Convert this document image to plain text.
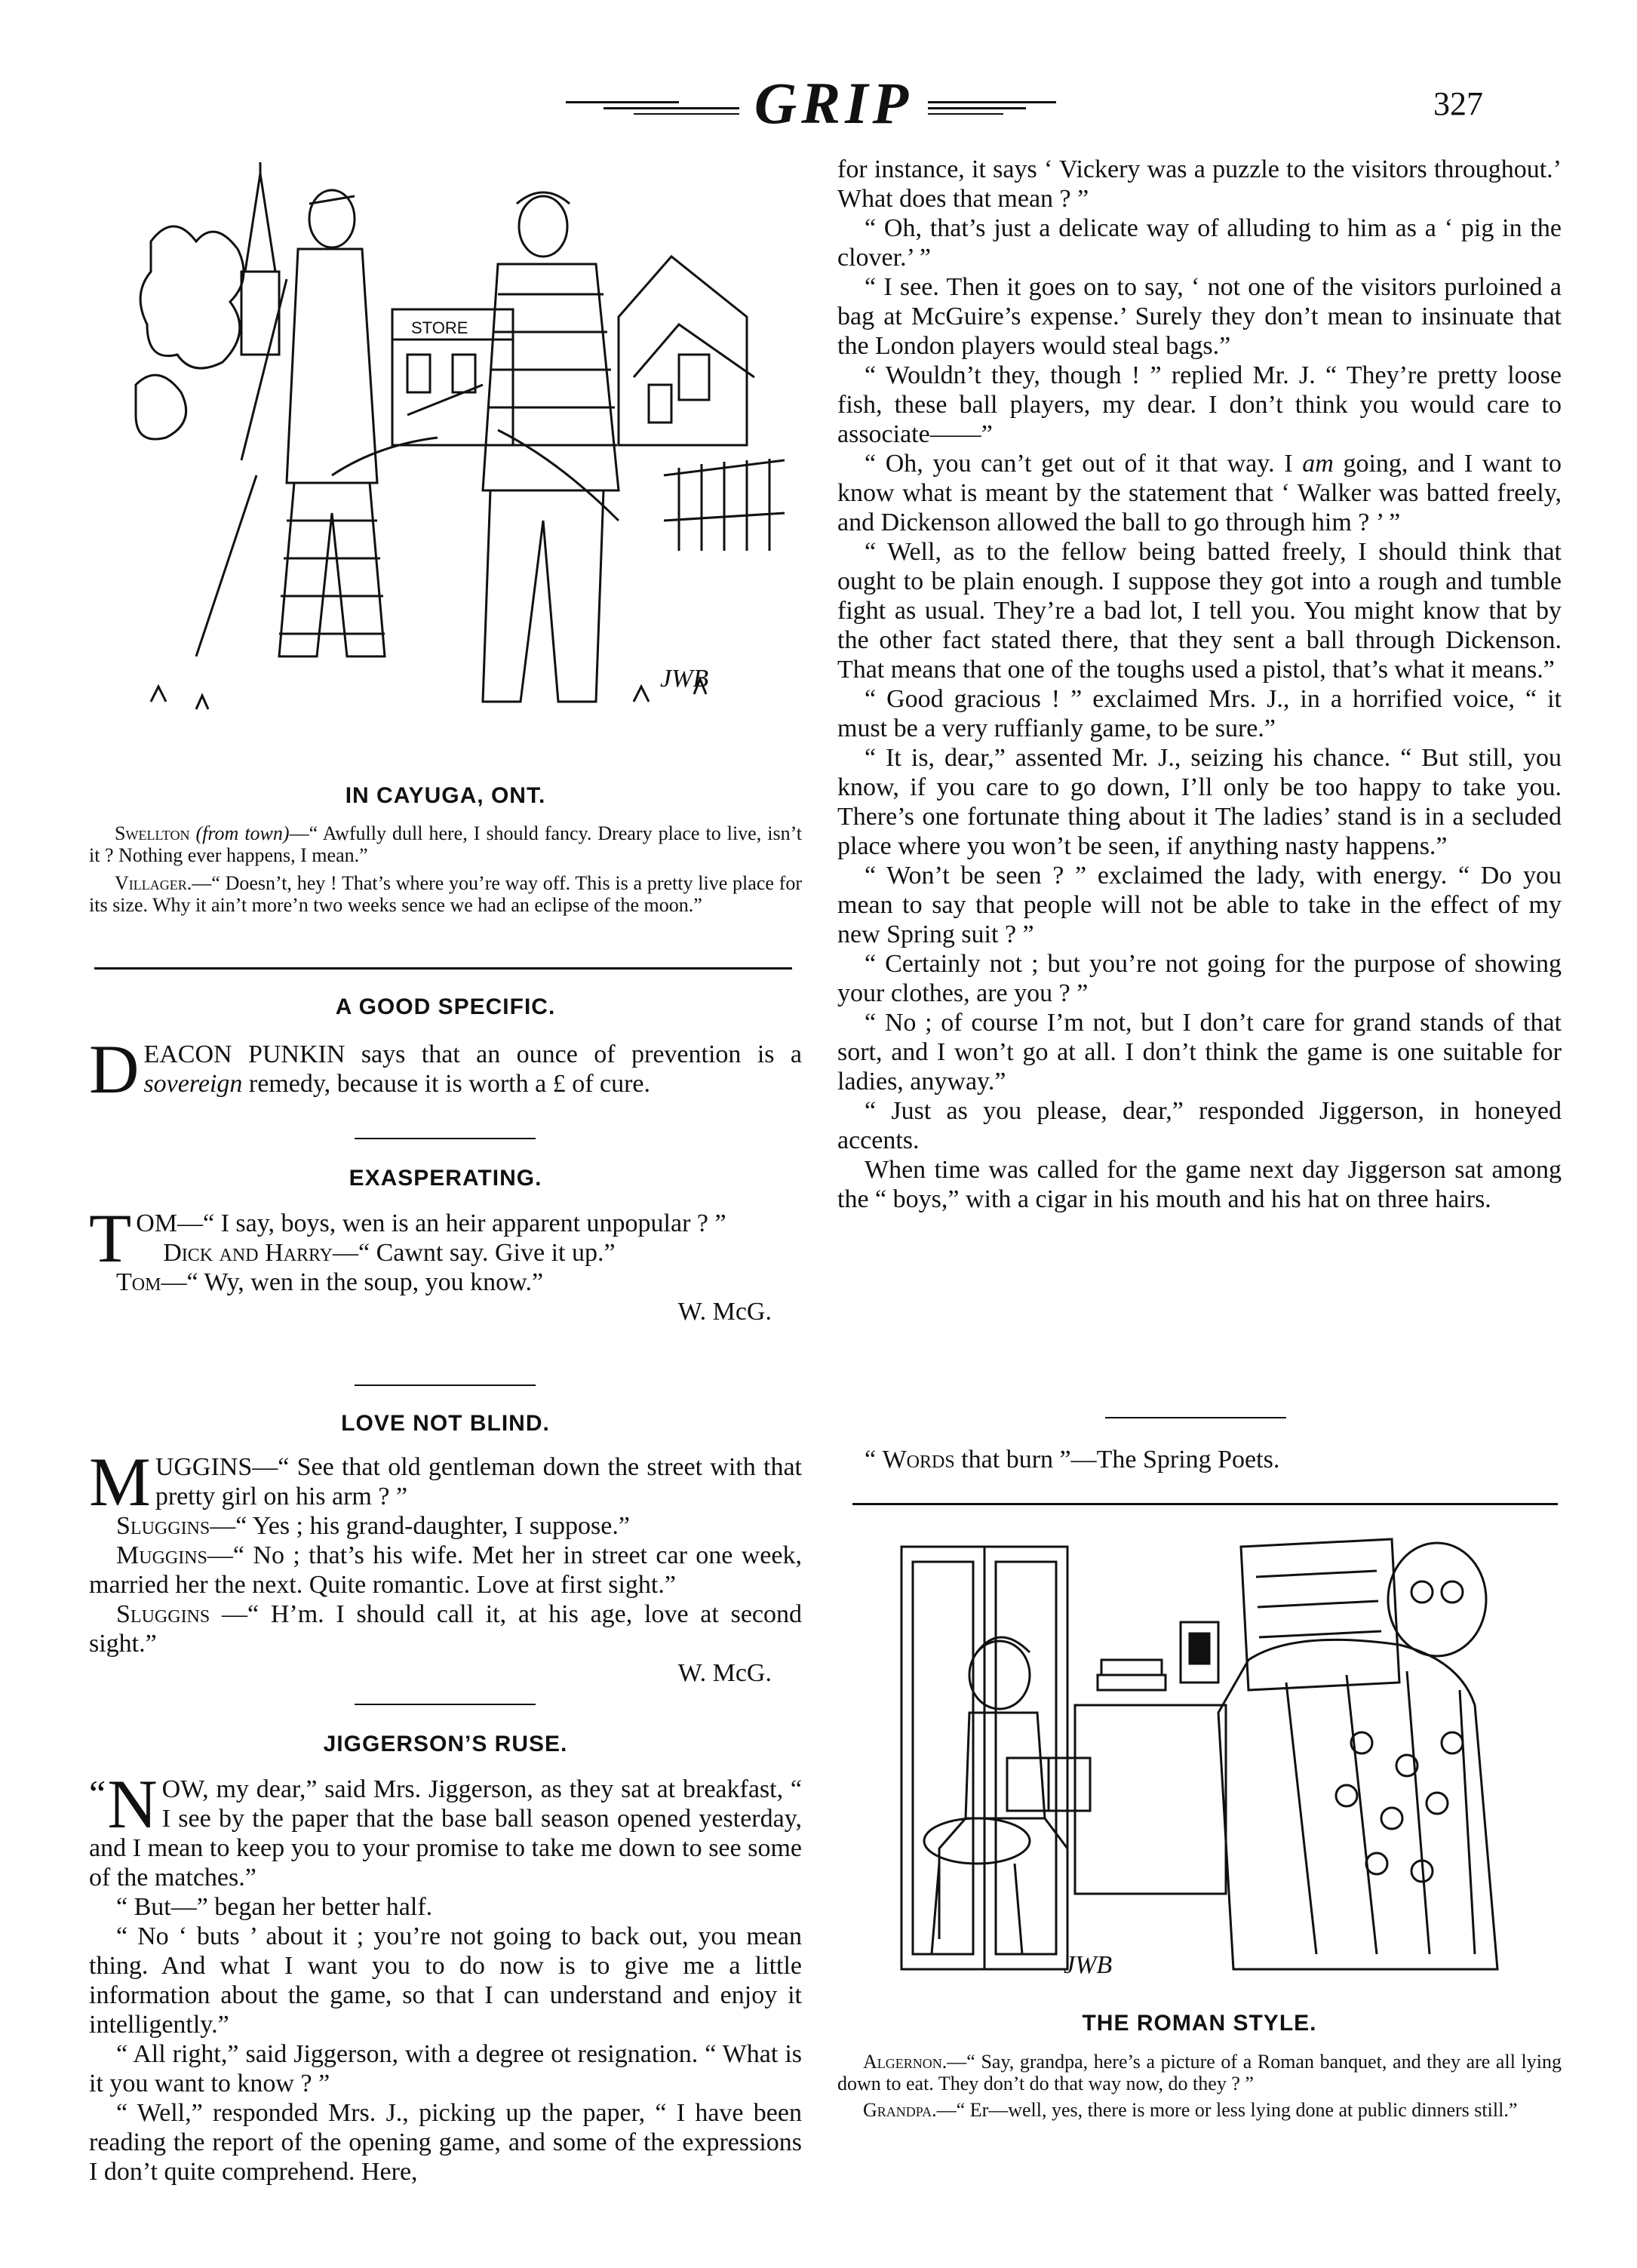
GRIP	327
STORE
JWB
IN CAYUGA, ONT.

Swellton (from town)—“ Awfully dull here, I should fancy. Dreary place to live, isn’t it ? Nothing ever happens, I mean.”

Villager.—“ Doesn’t, hey ! That’s where you’re way off. This is a pretty live place for its size. Why it ain’t more’n two weeks sence we had an eclipse of the moon.”

A GOOD SPECIFIC.

DEACON PUNKIN says that an ounce of prevention is a sovereign remedy, because it is worth a £ of cure.

EXASPERATING.

TOM—“ I say, boys, wen is an heir apparent unpopular ? ”

Dick and Harry—“ Cawnt say. Give it up.”

Tom—“ Wy, wen in the soup, you know.”

W. McG.
LOVE NOT BLIND.

MUGGINS—“ See that old gentleman down the street with that pretty girl on his arm ? ”

Sluggins—“ Yes ; his grand-daughter, I suppose.”

Muggins—“ No ; that’s his wife. Met her in street car one week, married her the next. Quite romantic. Love at first sight.”

Sluggins —“ H’m. I should call it, at his age, love at second sight.”

W. McG.
JIGGERSON’S RUSE.

“ N OW, my dear,” said Mrs. Jiggerson, as they sat at breakfast, “ I see by the paper that the base ball season opened yesterday, and I mean to keep you to your promise to take me down to see some of the matches.”

“ But—” began her better half.

“ No ‘ buts ’ about it ; you’re not going to back out, you mean thing. And what I want you to do now is to give me a little information about the game, so that I can understand and enjoy it intelligently.”

“ All right,” said Jiggerson, with a degree ot resignation. “ What is it you want to know ? ”

“ Well,” responded Mrs. J., picking up the paper, “ I have been reading the report of the opening game, and some of the expressions I don’t quite comprehend. Here,

for instance, it says ‘ Vickery was a puzzle to the visitors throughout.’ What does that mean ? ”

“ Oh, that’s just a delicate way of alluding to him as a ‘ pig in the clover.’ ”

“ I see. Then it goes on to say, ‘ not one of the visitors purloined a bag at McGuire’s expense.’ Surely they don’t mean to insinuate that the London players would steal bags.”

“ Wouldn’t they, though ! ” replied Mr. J. “ They’re pretty loose fish, these ball players, my dear. I don’t think you would care to associate——”

“ Oh, you can’t get out of it that way. I am going, and I want to know what is meant by the statement that ‘ Walker was batted freely, and Dickenson allowed the ball to go through him ? ’ ”

“ Well, as to the fellow being batted freely, I should think that ought to be plain enough. I suppose they got into a rough and tumble fight as usual. They’re a bad lot, I tell you. You might know that by the other fact stated there, that they sent a ball through Dickenson. That means that one of the toughs used a pistol, that’s what it means.”

“ Good gracious ! ” exclaimed Mrs. J., in a horrified voice, “ it must be a very ruffianly game, to be sure.”

“ It is, dear,” assented Mr. J., seizing his chance. “ But still, you know, if you care to go down, I’ll only be too happy to take you. There’s one fortunate thing about it The ladies’ stand is in a secluded place where you won’t be seen, if anything nasty happens.”

“ Won’t be seen ? ” exclaimed the lady, with energy. “ Do you mean to say that people will not be able to take in the effect of my new Spring suit ? ”

“ Certainly not ; but you’re not going for the purpose of showing your clothes, are you ? ”

“ No ; of course I’m not, but I don’t care for grand stands of that sort, and I won’t go at all. I don’t think the game is one suitable for ladies, anyway.”

“ Just as you please, dear,” responded Jiggerson, in honeyed accents.

When time was called for the game next day Jiggerson sat among the “ boys,” with a cigar in his mouth and his hat on three hairs.

“ Words that burn ”—The Spring Poets.

JWB
THE ROMAN STYLE.

Algernon.—“ Say, grandpa, here’s a picture of a Roman banquet, and they are all lying down to eat. They don’t do that way now, do they ? ”

Grandpa.—“ Er—well, yes, there is more or less lying done at public dinners still.”
